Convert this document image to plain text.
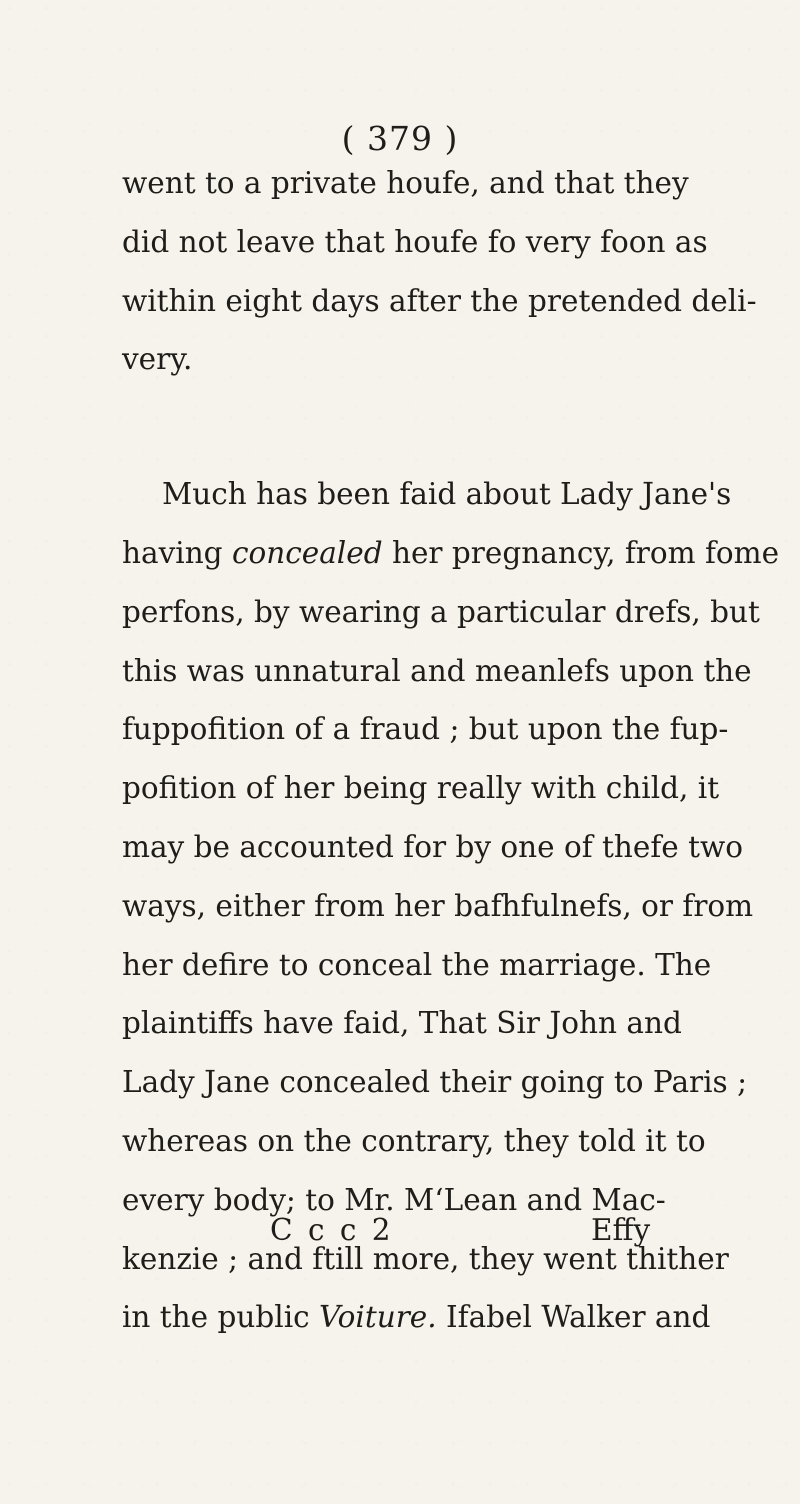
( 379 )
went to a private houfe, and that they
did not leave that houfe fo very foon as
within eight days after the pretended deli-
very.
Much has been faid about Lady Jane's
having concealed her pregnancy, from fome
perfons, by wearing a particular drefs, but
this was unnatural and meanlefs upon the
fuppofition of a fraud ; but upon the fup-
pofition of her being really with child, it
may be accounted for by one of thefe two
ways, either from her bafhfulnefs, or from
her defire to conceal the marriage. The
plaintiffs have faid, That Sir John and
Lady Jane concealed their going to Paris ;
whereas on the contrary, they told it to
every body; to Mr. M‘Lean and Mac-
kenzie ; and ftill more, they went thither
in the public Voiture. Ifabel Walker and
C c c 2	Effy
